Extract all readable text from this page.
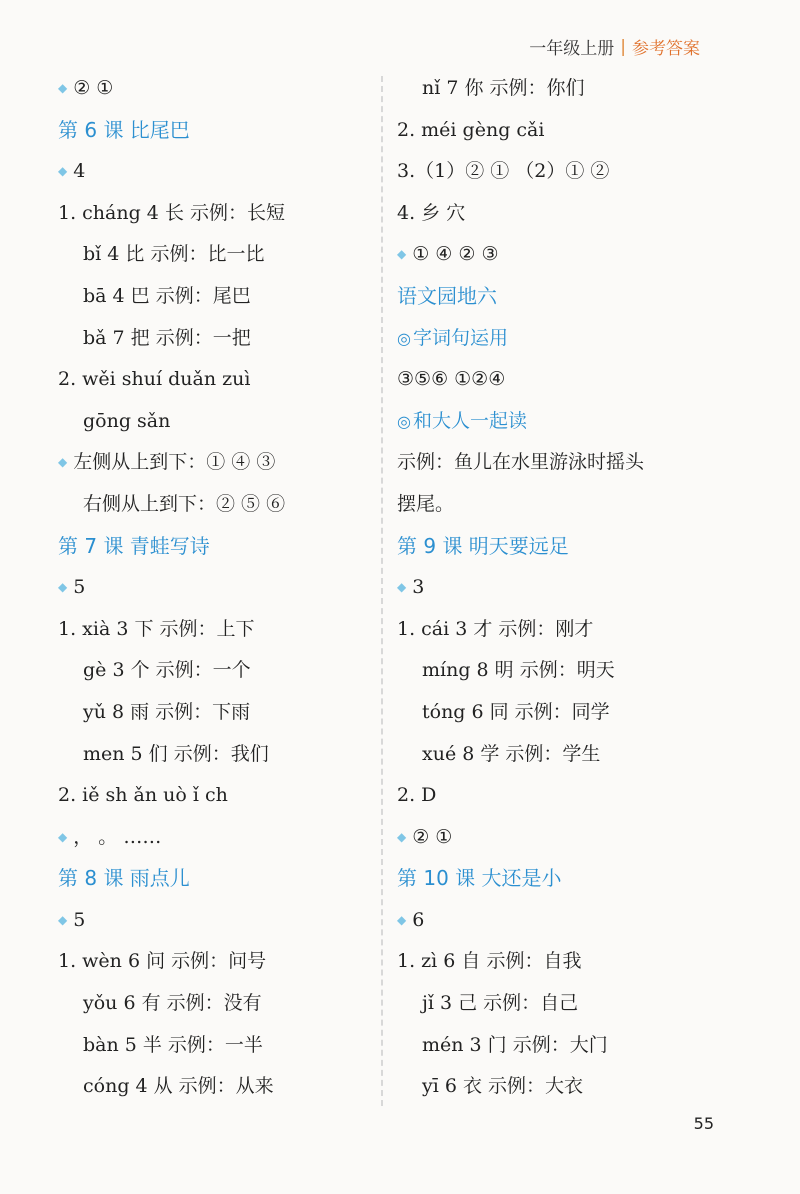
一年级上册 | 参考答案
◆ ② ①
第 6 课 比尾巴
◆ 4
1. cháng 4 长 示例：长短
bǐ 4 比 示例：比一比
bā 4 巴 示例：尾巴
bǎ 7 把 示例：一把
2. wěi shuí duǎn zuì
gōng sǎn
◆ 左侧从上到下：① ④ ③
右侧从上到下：② ⑤ ⑥
第 7 课 青蛙写诗
◆ 5
1. xià 3 下 示例：上下
gè 3 个 示例：一个
yǔ 8 雨 示例：下雨
men 5 们 示例：我们
2. iě sh ǎn uò ǐ ch
◆ ， 。 ……
第 8 课 雨点儿
◆ 5
1. wèn 6 问 示例：问号
yǒu 6 有 示例：没有
bàn 5 半 示例：一半
cóng 4 从 示例：从来
nǐ 7 你 示例：你们
2. méi gèng cǎi
3.（1）② ① （2）① ②
4. 乡 穴
◆ ① ④ ② ③
语文园地六
◎ 字词句运用
③⑤⑥ ①②④
◎ 和大人一起读
示例：鱼儿在水里游泳时摇头
摆尾。
第 9 课 明天要远足
◆ 3
1. cái 3 才 示例：刚才
míng 8 明 示例：明天
tóng 6 同 示例：同学
xué 8 学 示例：学生
2. D
◆ ② ①
第 10 课 大还是小
◆ 6
1. zì 6 自 示例：自我
jǐ 3 己 示例：自己
mén 3 门 示例：大门
yī 6 衣 示例：大衣
55
